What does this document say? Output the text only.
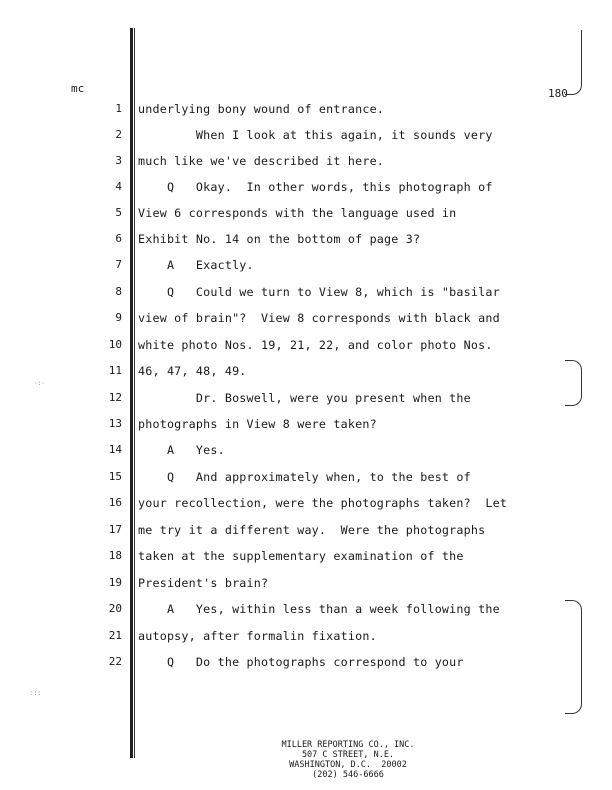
mc	180
·:·
:::
1 underlying bony wound of entrance.
2 When I look at this again, it sounds very
3 much like we've described it here.
4 Q   Okay.  In other words, this photograph of
5 View 6 corresponds with the language used in
6 Exhibit No. 14 on the bottom of page 3?
7 A   Exactly.
8 Q   Could we turn to View 8, which is "basilar
9 view of brain"?  View 8 corresponds with black and
10 white photo Nos. 19, 21, 22, and color photo Nos.
11 46, 47, 48, 49.
12 Dr. Boswell, were you present when the
13 photographs in View 8 were taken?
14 A   Yes.
15 Q   And approximately when, to the best of
16 your recollection, were the photographs taken?  Let
17 me try it a different way.  Were the photographs
18 taken at the supplementary examination of the
19 President's brain?
20 A   Yes, within less than a week following the
21 autopsy, after formalin fixation.
22 Q   Do the photographs correspond to your
MILLER REPORTING CO., INC.
507 C STREET, N.E.
WASHINGTON, D.C.  20002
(202) 546-6666
